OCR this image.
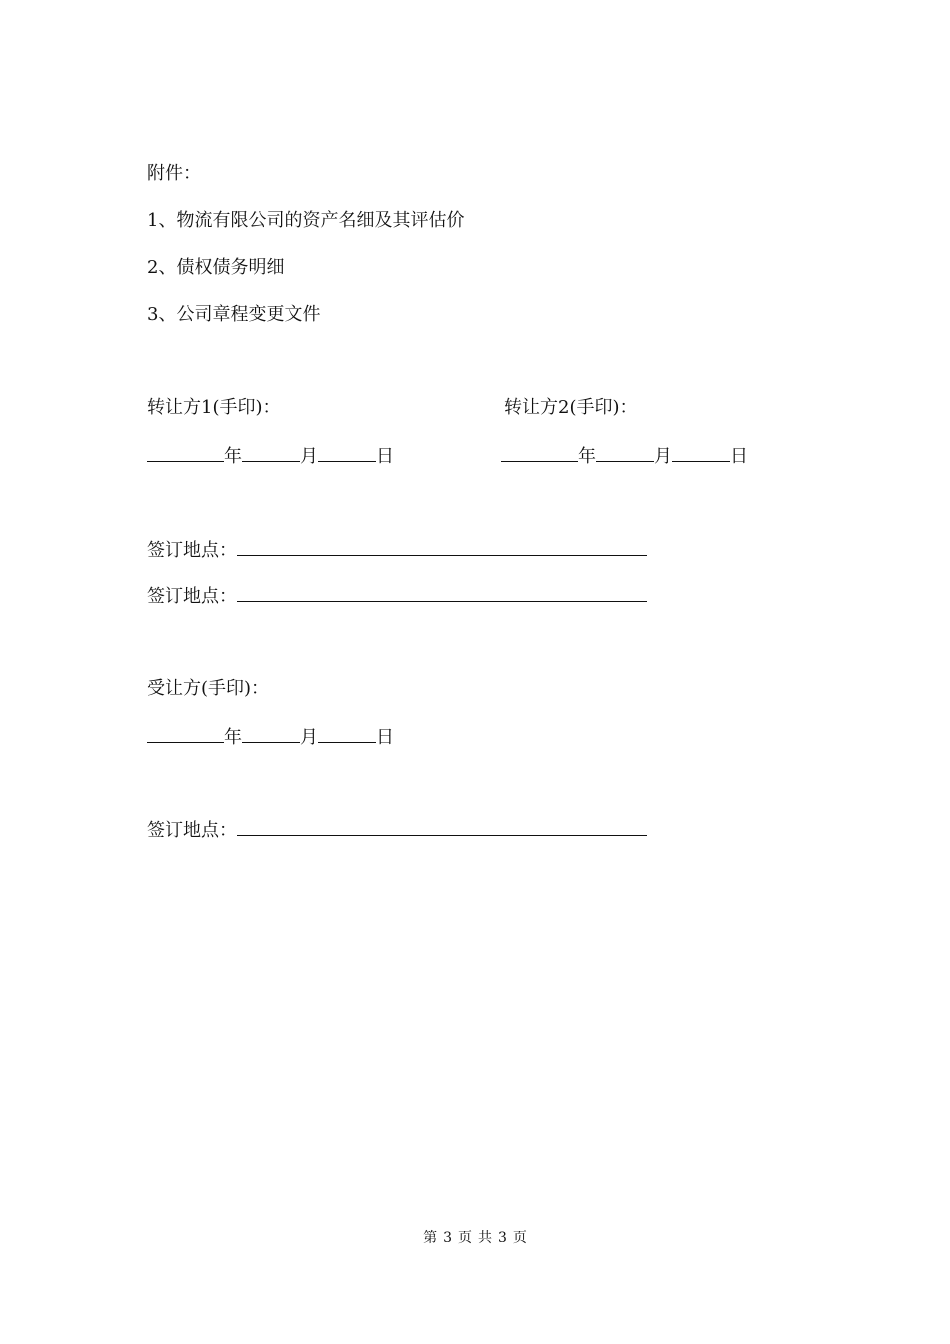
附件：
1、物流有限公司的资产名细及其评估价
2、债权债务明细
3、公司章程变更文件
转让方1(手印)：	转让方2(手印)：
年	月	日	年	月	日
签订地点：
签订地点：
受让方(手印)：
年	月	日
签订地点：
第 3 页 共 3 页
